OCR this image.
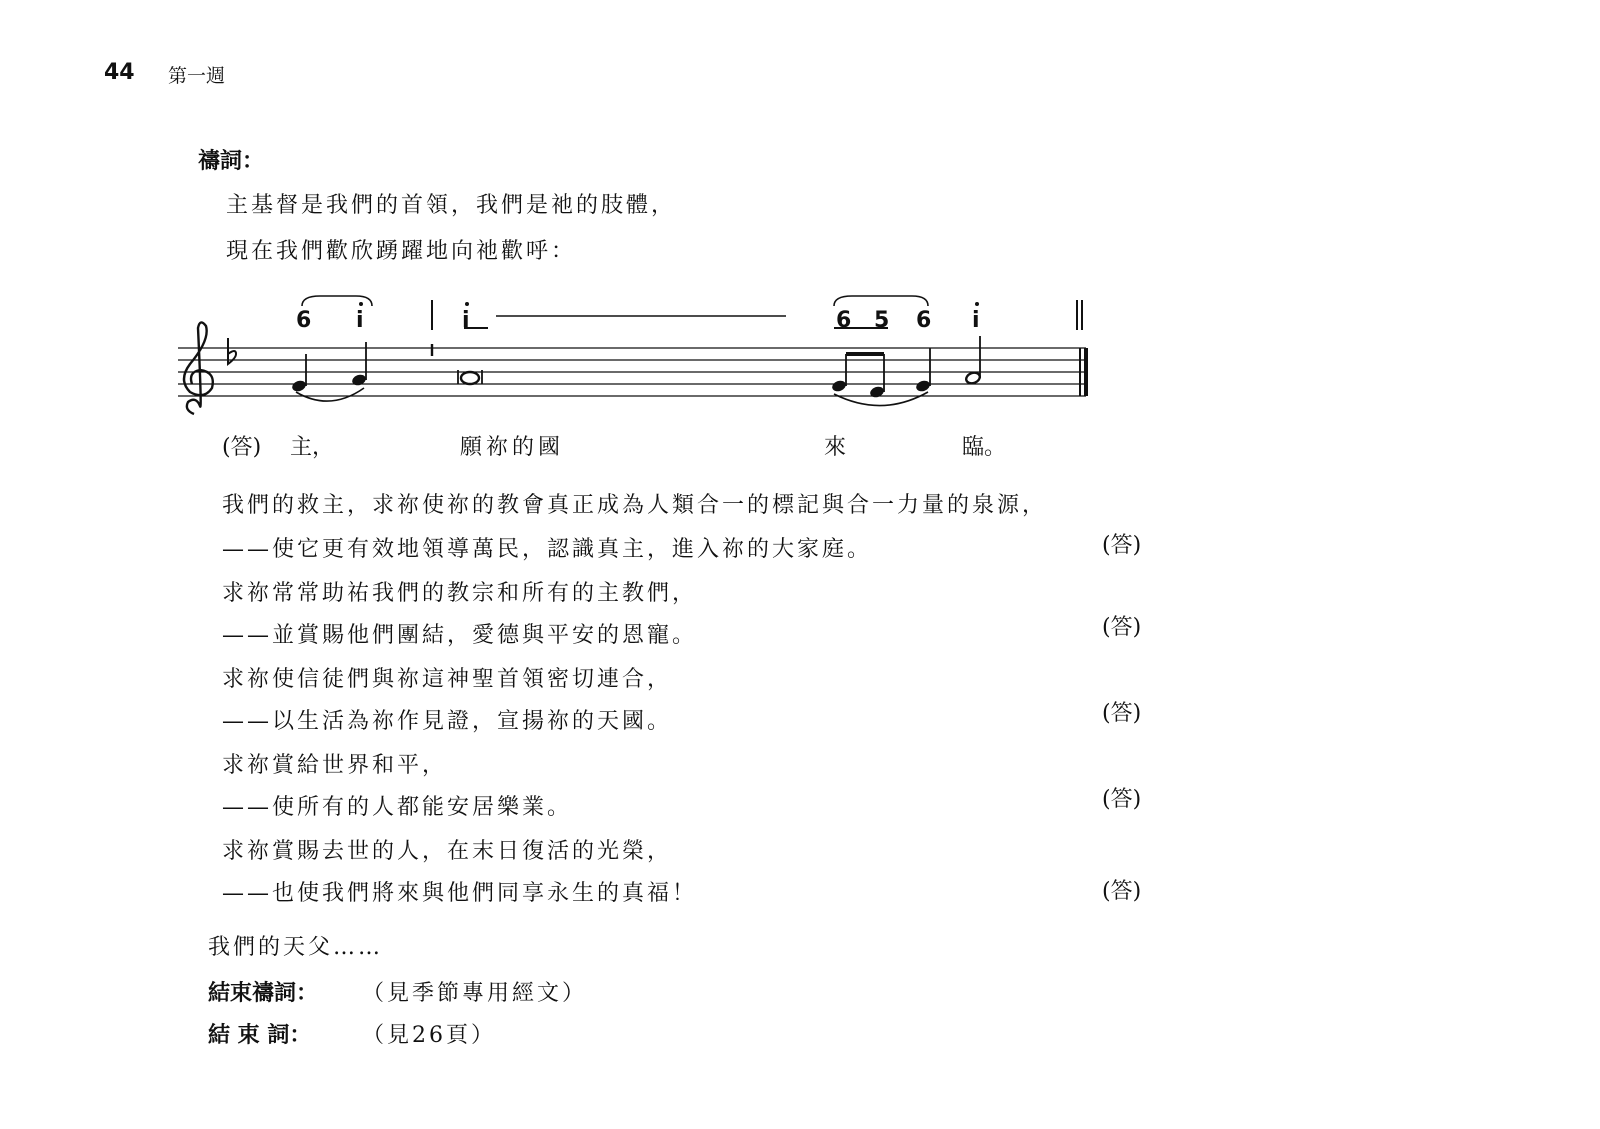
44 第一週
禱詞：
主基督是我們的首領，我們是祂的肢體，
現在我們歡欣踴躍地向祂歡呼：
6 i	i	6 5 6 i
(答) 主，	願祢的國	來	臨。
我們的救主，求祢使祢的教會真正成為人類合一的標記與合一力量的泉源，
——使它更有效地領導萬民，認識真主，進入祢的大家庭。	(答)
求祢常常助祐我們的教宗和所有的主教們，
——並賞賜他們團結，愛德與平安的恩寵。	(答)
求祢使信徒們與祢這神聖首領密切連合，
——以生活為祢作見證，宣揚祢的天國。	(答)
求祢賞給世界和平，
——使所有的人都能安居樂業。	(答)
求祢賞賜去世的人，在末日復活的光榮，
——也使我們將來與他們同享永生的真福！	(答)
我們的天父……
結束禱詞： （見季節專用經文）
結 束 詞： （見26頁）
